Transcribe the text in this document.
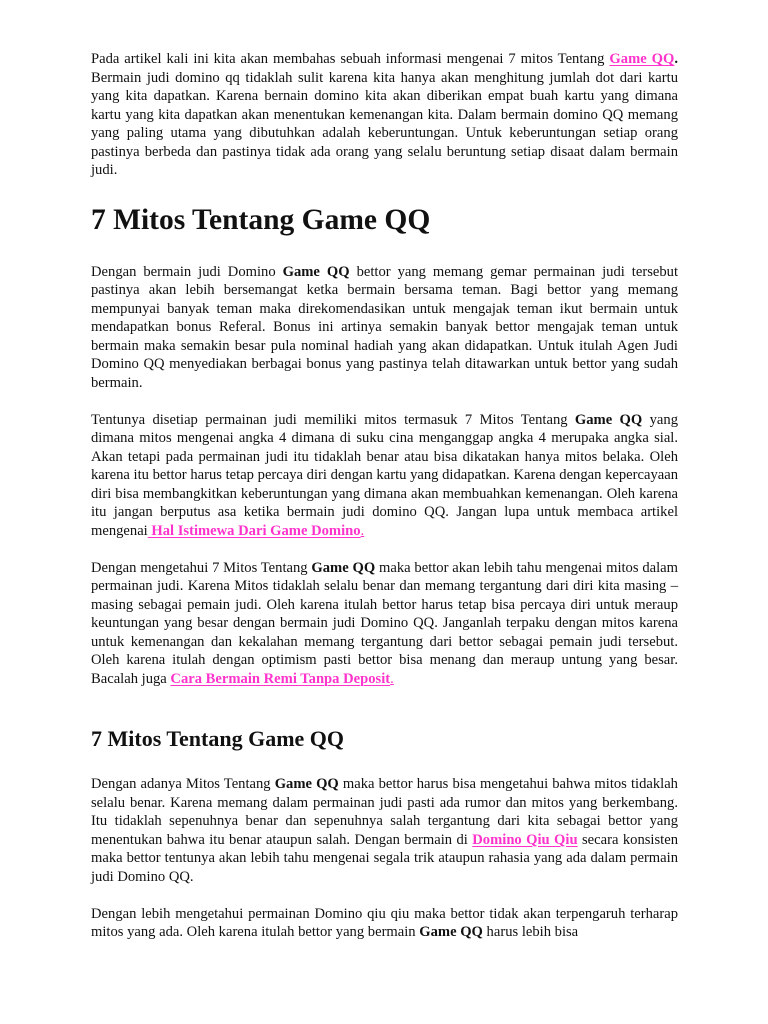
Pada artikel kali ini kita akan membahas sebuah informasi mengenai 7 mitos Tentang Game QQ. Bermain judi domino qq tidaklah sulit karena kita hanya akan menghitung jumlah dot dari kartu yang kita dapatkan. Karena bernain domino kita akan diberikan empat buah kartu yang dimana kartu yang kita dapatkan akan menentukan kemenangan kita. Dalam bermain domino QQ memang yang paling utama yang dibutuhkan adalah keberuntungan. Untuk keberuntungan setiap orang pastinya berbeda dan pastinya tidak ada orang yang selalu beruntung setiap disaat dalam bermain judi.

7 Mitos Tentang Game QQ

Dengan bermain judi Domino Game QQ bettor yang memang gemar permainan judi tersebut pastinya akan lebih bersemangat ketka bermain bersama teman. Bagi bettor yang memang mempunyai banyak teman maka direkomendasikan untuk mengajak teman ikut bermain untuk mendapatkan bonus Referal. Bonus ini artinya semakin banyak bettor mengajak teman untuk bermain maka semakin besar pula nominal hadiah yang akan didapatkan. Untuk itulah Agen Judi Domino QQ menyediakan berbagai bonus yang pastinya telah ditawarkan untuk bettor yang sudah bermain.

Tentunya disetiap permainan judi memiliki mitos termasuk 7 Mitos Tentang Game QQ yang dimana mitos mengenai angka 4 dimana di suku cina menganggap angka 4 merupaka angka sial. Akan tetapi pada permainan judi itu tidaklah benar atau bisa dikatakan hanya mitos belaka. Oleh karena itu bettor harus tetap percaya diri dengan kartu yang didapatkan. Karena dengan kepercayaan diri bisa membangkitkan keberuntungan yang dimana akan membuahkan kemenangan. Oleh karena itu jangan berputus asa ketika bermain judi domino QQ. Jangan lupa untuk membaca artikel mengenai Hal Istimewa Dari Game Domino.

Dengan mengetahui 7 Mitos Tentang Game QQ maka bettor akan lebih tahu mengenai mitos dalam permainan judi. Karena Mitos tidaklah selalu benar dan memang tergantung dari diri kita masing – masing sebagai pemain judi. Oleh karena itulah bettor harus tetap bisa percaya diri untuk meraup keuntungan yang besar dengan bermain judi Domino QQ. Janganlah terpaku dengan mitos karena untuk kemenangan dan kekalahan memang tergantung dari bettor sebagai pemain judi tersebut. Oleh karena itulah dengan optimism pasti bettor bisa menang dan meraup untung yang besar. Bacalah juga Cara Bermain Remi Tanpa Deposit.

7 Mitos Tentang Game QQ

Dengan adanya Mitos Tentang Game QQ maka bettor harus bisa mengetahui bahwa mitos tidaklah selalu benar. Karena memang dalam permainan judi pasti ada rumor dan mitos yang berkembang. Itu tidaklah sepenuhnya benar dan sepenuhnya salah tergantung dari kita sebagai bettor yang menentukan bahwa itu benar ataupun salah. Dengan bermain di Domino Qiu Qiu secara konsisten maka bettor tentunya akan lebih tahu mengenai segala trik ataupun rahasia yang ada dalam permain judi Domino QQ.

Dengan lebih mengetahui permainan Domino qiu qiu maka bettor tidak akan terpengaruh terharap mitos yang ada. Oleh karena itulah bettor yang bermain Game QQ harus lebih bisa
